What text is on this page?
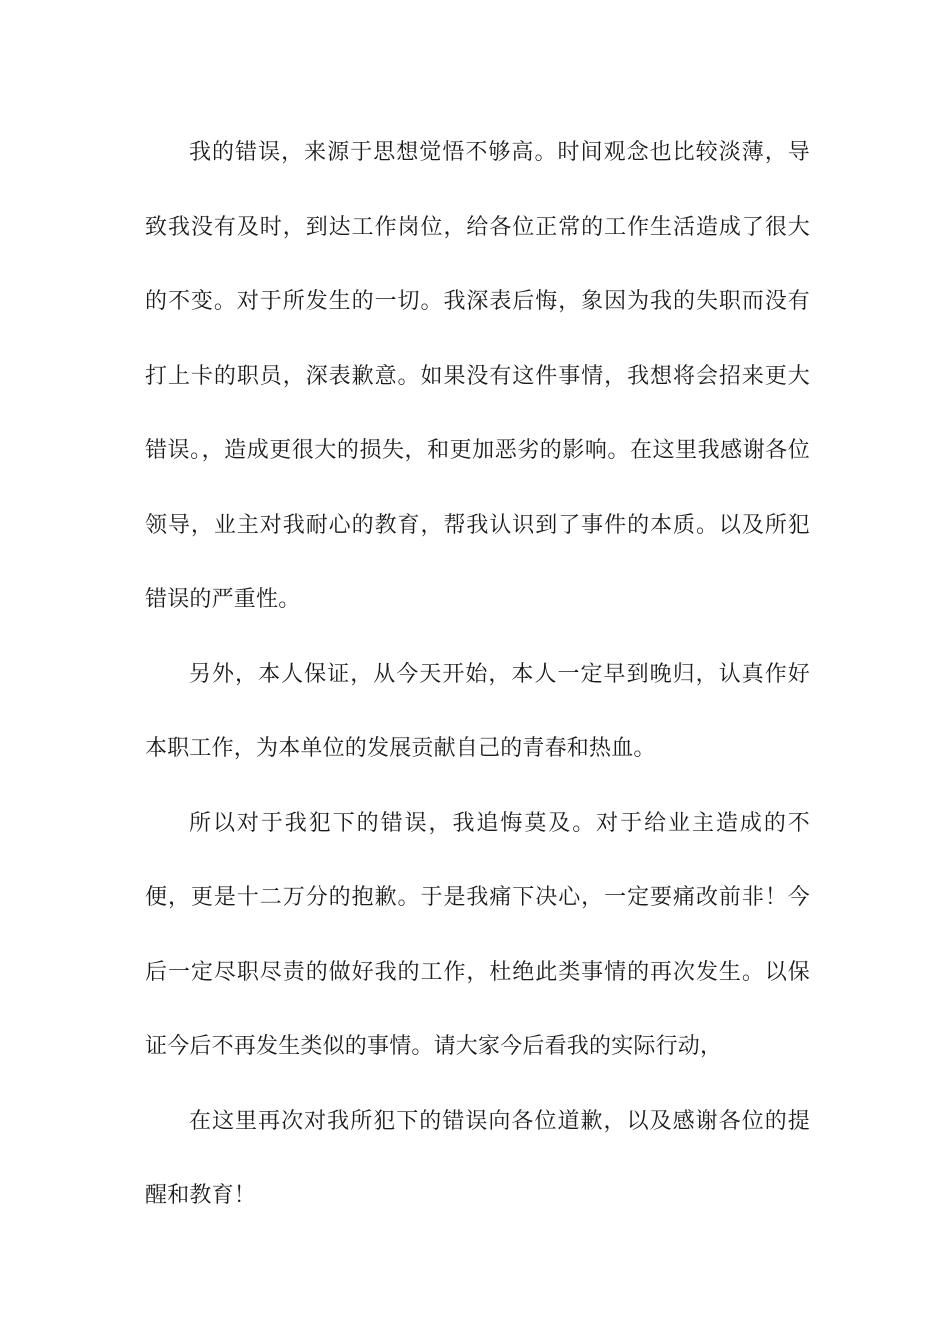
我的错误，来源于思想觉悟不够高。时间观念也比较淡薄，导致我没有及时，到达工作岗位，给各位正常的工作生活造成了很大的不变。对于所发生的一切。我深表后悔，象因为我的失职而没有打上卡的职员，深表歉意。如果没有这件事情，我想将会招来更大错误。，造成更很大的损失，和更加恶劣的影响。在这里我感谢各位领导，业主对我耐心的教育，帮我认识到了事件的本质。以及所犯错误的严重性。

另外，本人保证，从今天开始，本人一定早到晚归，认真作好本职工作，为本单位的发展贡献自己的青春和热血。

所以对于我犯下的错误，我追悔莫及。对于给业主造成的不便，更是十二万分的抱歉。于是我痛下决心，一定要痛改前非！今后一定尽职尽责的做好我的工作，杜绝此类事情的再次发生。以保证今后不再发生类似的事情。请大家今后看我的实际行动，

在这里再次对我所犯下的错误向各位道歉，以及感谢各位的提醒和教育！
